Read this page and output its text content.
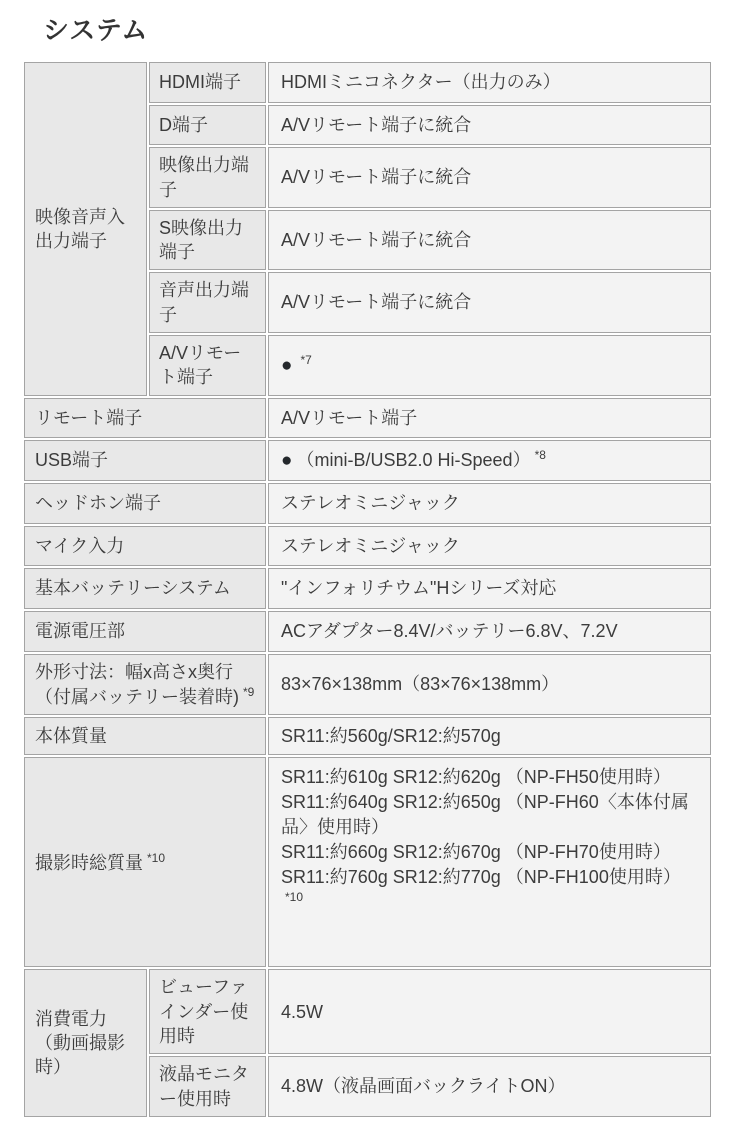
システム
映像音声入出力端子	HDMI端子	HDMIミニコネクター（出力のみ）
	D端子	A/Vリモート端子に統合
	映像出力端子	A/Vリモート端子に統合
	S映像出力端子	A/Vリモート端子に統合
	音声出力端子	A/Vリモート端子に統合
	A/Vリモート端子	● $^{*7}$
リモート端子		A/Vリモート端子
USB端子		● （mini-B/USB2.0 Hi-Speed） $^{*8}$
ヘッドホン端子		ステレオミニジャック
マイク入力		ステレオミニジャック
基本バッテリーシステム		"インフォリチウム"Hシリーズ対応
電源電圧部		ACアダプター8.4V/バッテリー6.8V、7.2V
外形寸法：幅x高さx奥行（付属バッテリー装着時) $^{*9}$		83×76×138mm（83×76×138mm）
本体質量		SR11:約560g/SR12:約570g
撮影時総質量 $^{*10}$		SR11:約610g SR12:約620g （NP-FH50使用時）
SR11:約640g SR12:約650g （NP-FH60〈本体付属品〉使用時）
SR11:約660g SR12:約670g （NP-FH70使用時）
SR11:約760g SR12:約770g （NP-FH100使用時）$^{*10}$

消費電力（動画撮影時）	ビューファインダー使用時	4.5W
	液晶モニター使用時	4.8W（液晶画面バックライトON）
